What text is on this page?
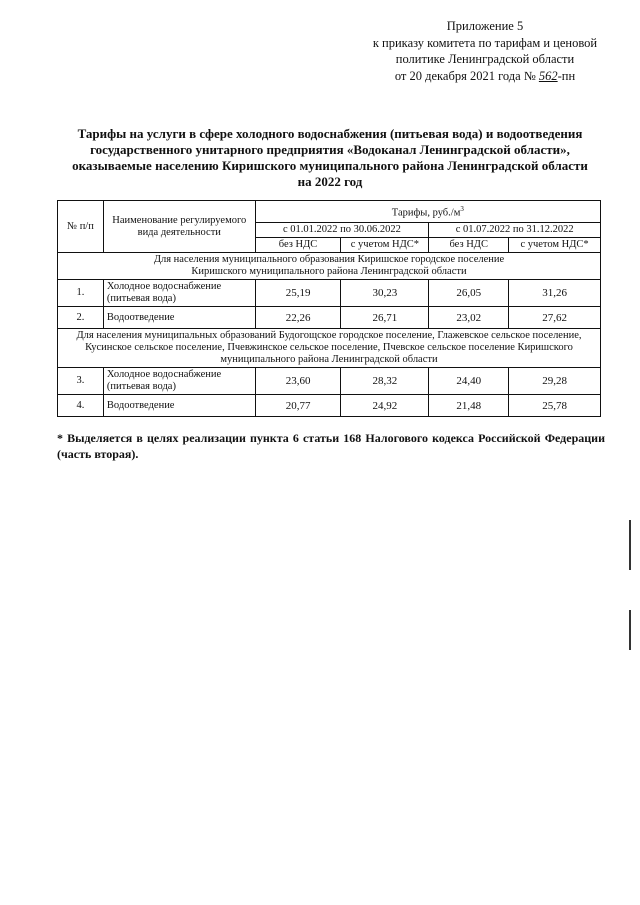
Приложение 5
к приказу комитета по тарифам и ценовой
политике Ленинградской области
от 20 декабря 2021 года № 562-пн
Тарифы на услуги в сфере холодного водоснабжения (питьевая вода) и водоотведения
государственного унитарного предприятия «Водоканал Ленинградской области»,
оказываемые населению Киришского муниципального района Ленинградской области
на 2022 год
№ п/п	Наименование регулируемого вида деятельности	Тарифы, $руб./м^3$
		с 01.01.2022 по 30.06.2022		с 01.07.2022 по 31.12.2022	
		без НДС	с учетом НДС*	без НДС	с учетом НДС*

Для населения муниципального образования Киришское городское поселение
Киришского муниципального района Ленинградской области					

1.	Холодное водоснабжение (питьевая вода)	25,19	30,23	26,05	31,26
2.	Водоотведение	22,26	26,71	23,02	27,62

Для населения муниципальных образований Будогощское городское поселение, Глажевское сельское поселение,
Кусинское сельское поселение, Пчевжинское сельское поселение, Пчевское сельское поселение Киришского
муниципального района Ленинградской области					

3.	Холодное водоснабжение (питьевая вода)	23,60	28,32	24,40	29,28
4.	Водоотведение	20,77	24,92	21,48	25,78
* Выделяется в целях реализации пункта 6 статьи 168 Налогового кодекса Российской Федерации (часть вторая).
